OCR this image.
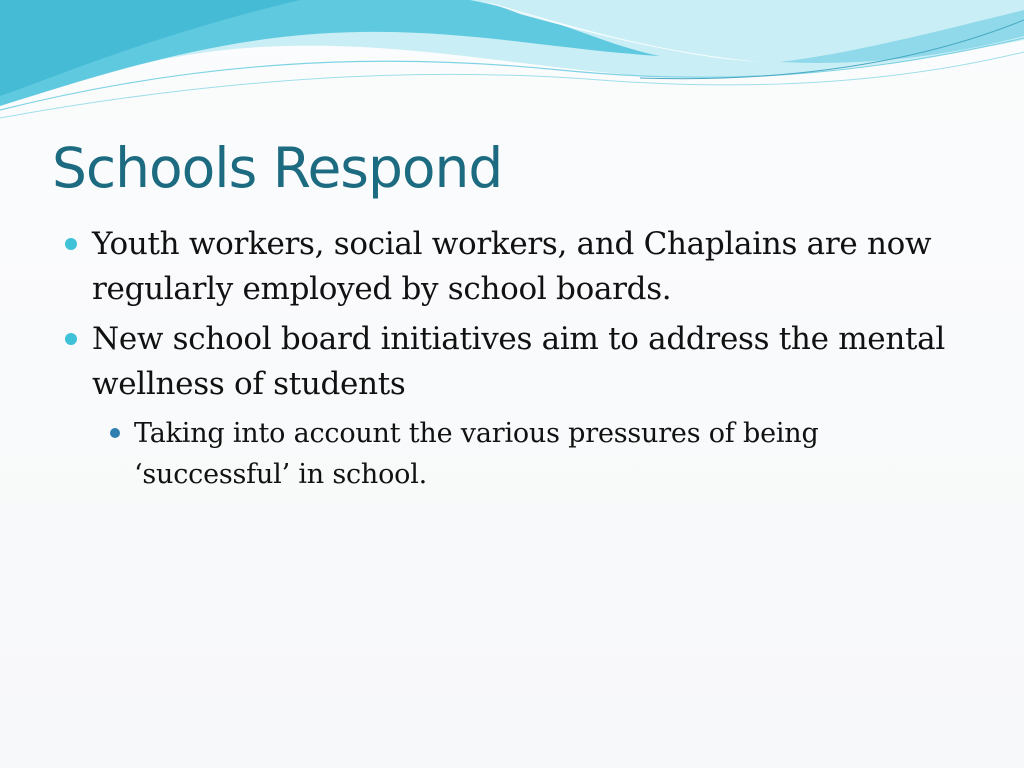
Schools Respond
Youth workers, social workers, and Chaplains are now regularly employed by school boards.
New school board initiatives aim to address the mental wellness of students
Taking into account the various pressures of being ‘successful’ in school.
